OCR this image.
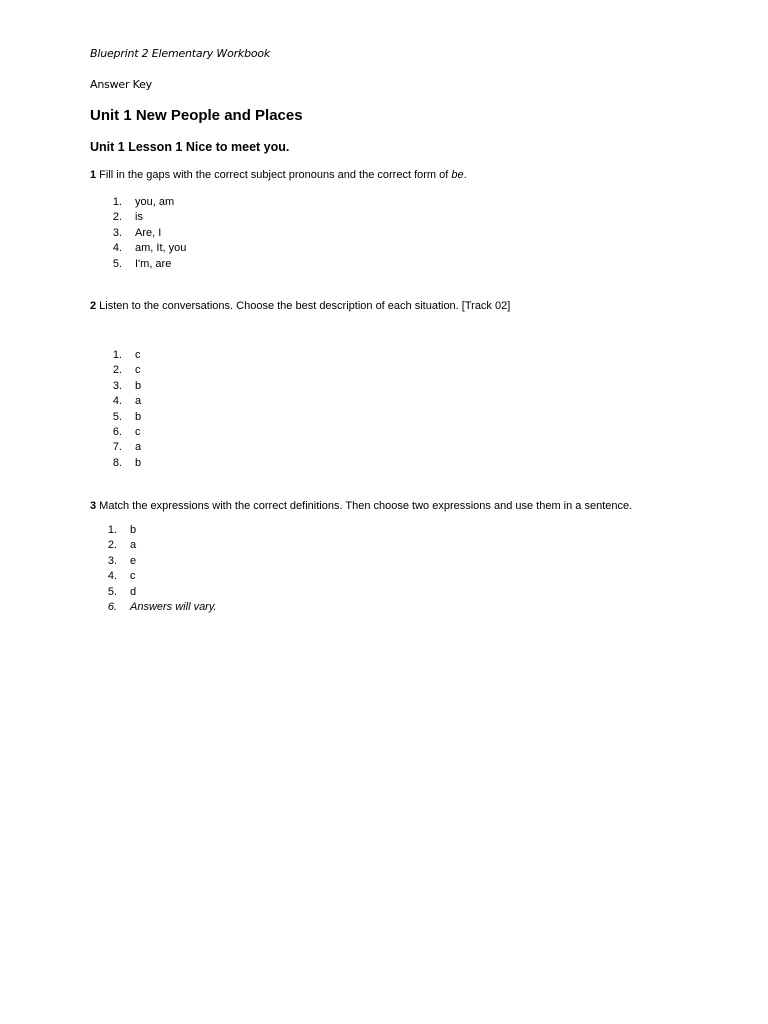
Blueprint 2 Elementary Workbook
Answer Key
Unit 1 New People and Places
Unit 1 Lesson 1 Nice to meet you.
1 Fill in the gaps with the correct subject pronouns and the correct form of be.
1. you, am
2. is
3. Are, I
4. am, It, you
5. I'm, are
2 Listen to the conversations. Choose the best description of each situation. [Track 02]
1. c
2. c
3. b
4. a
5. b
6. c
7. a
8. b
3 Match the expressions with the correct definitions. Then choose two expressions and use them in a sentence.
1. b
2. a
3. e
4. c
5. d
6. Answers will vary.
